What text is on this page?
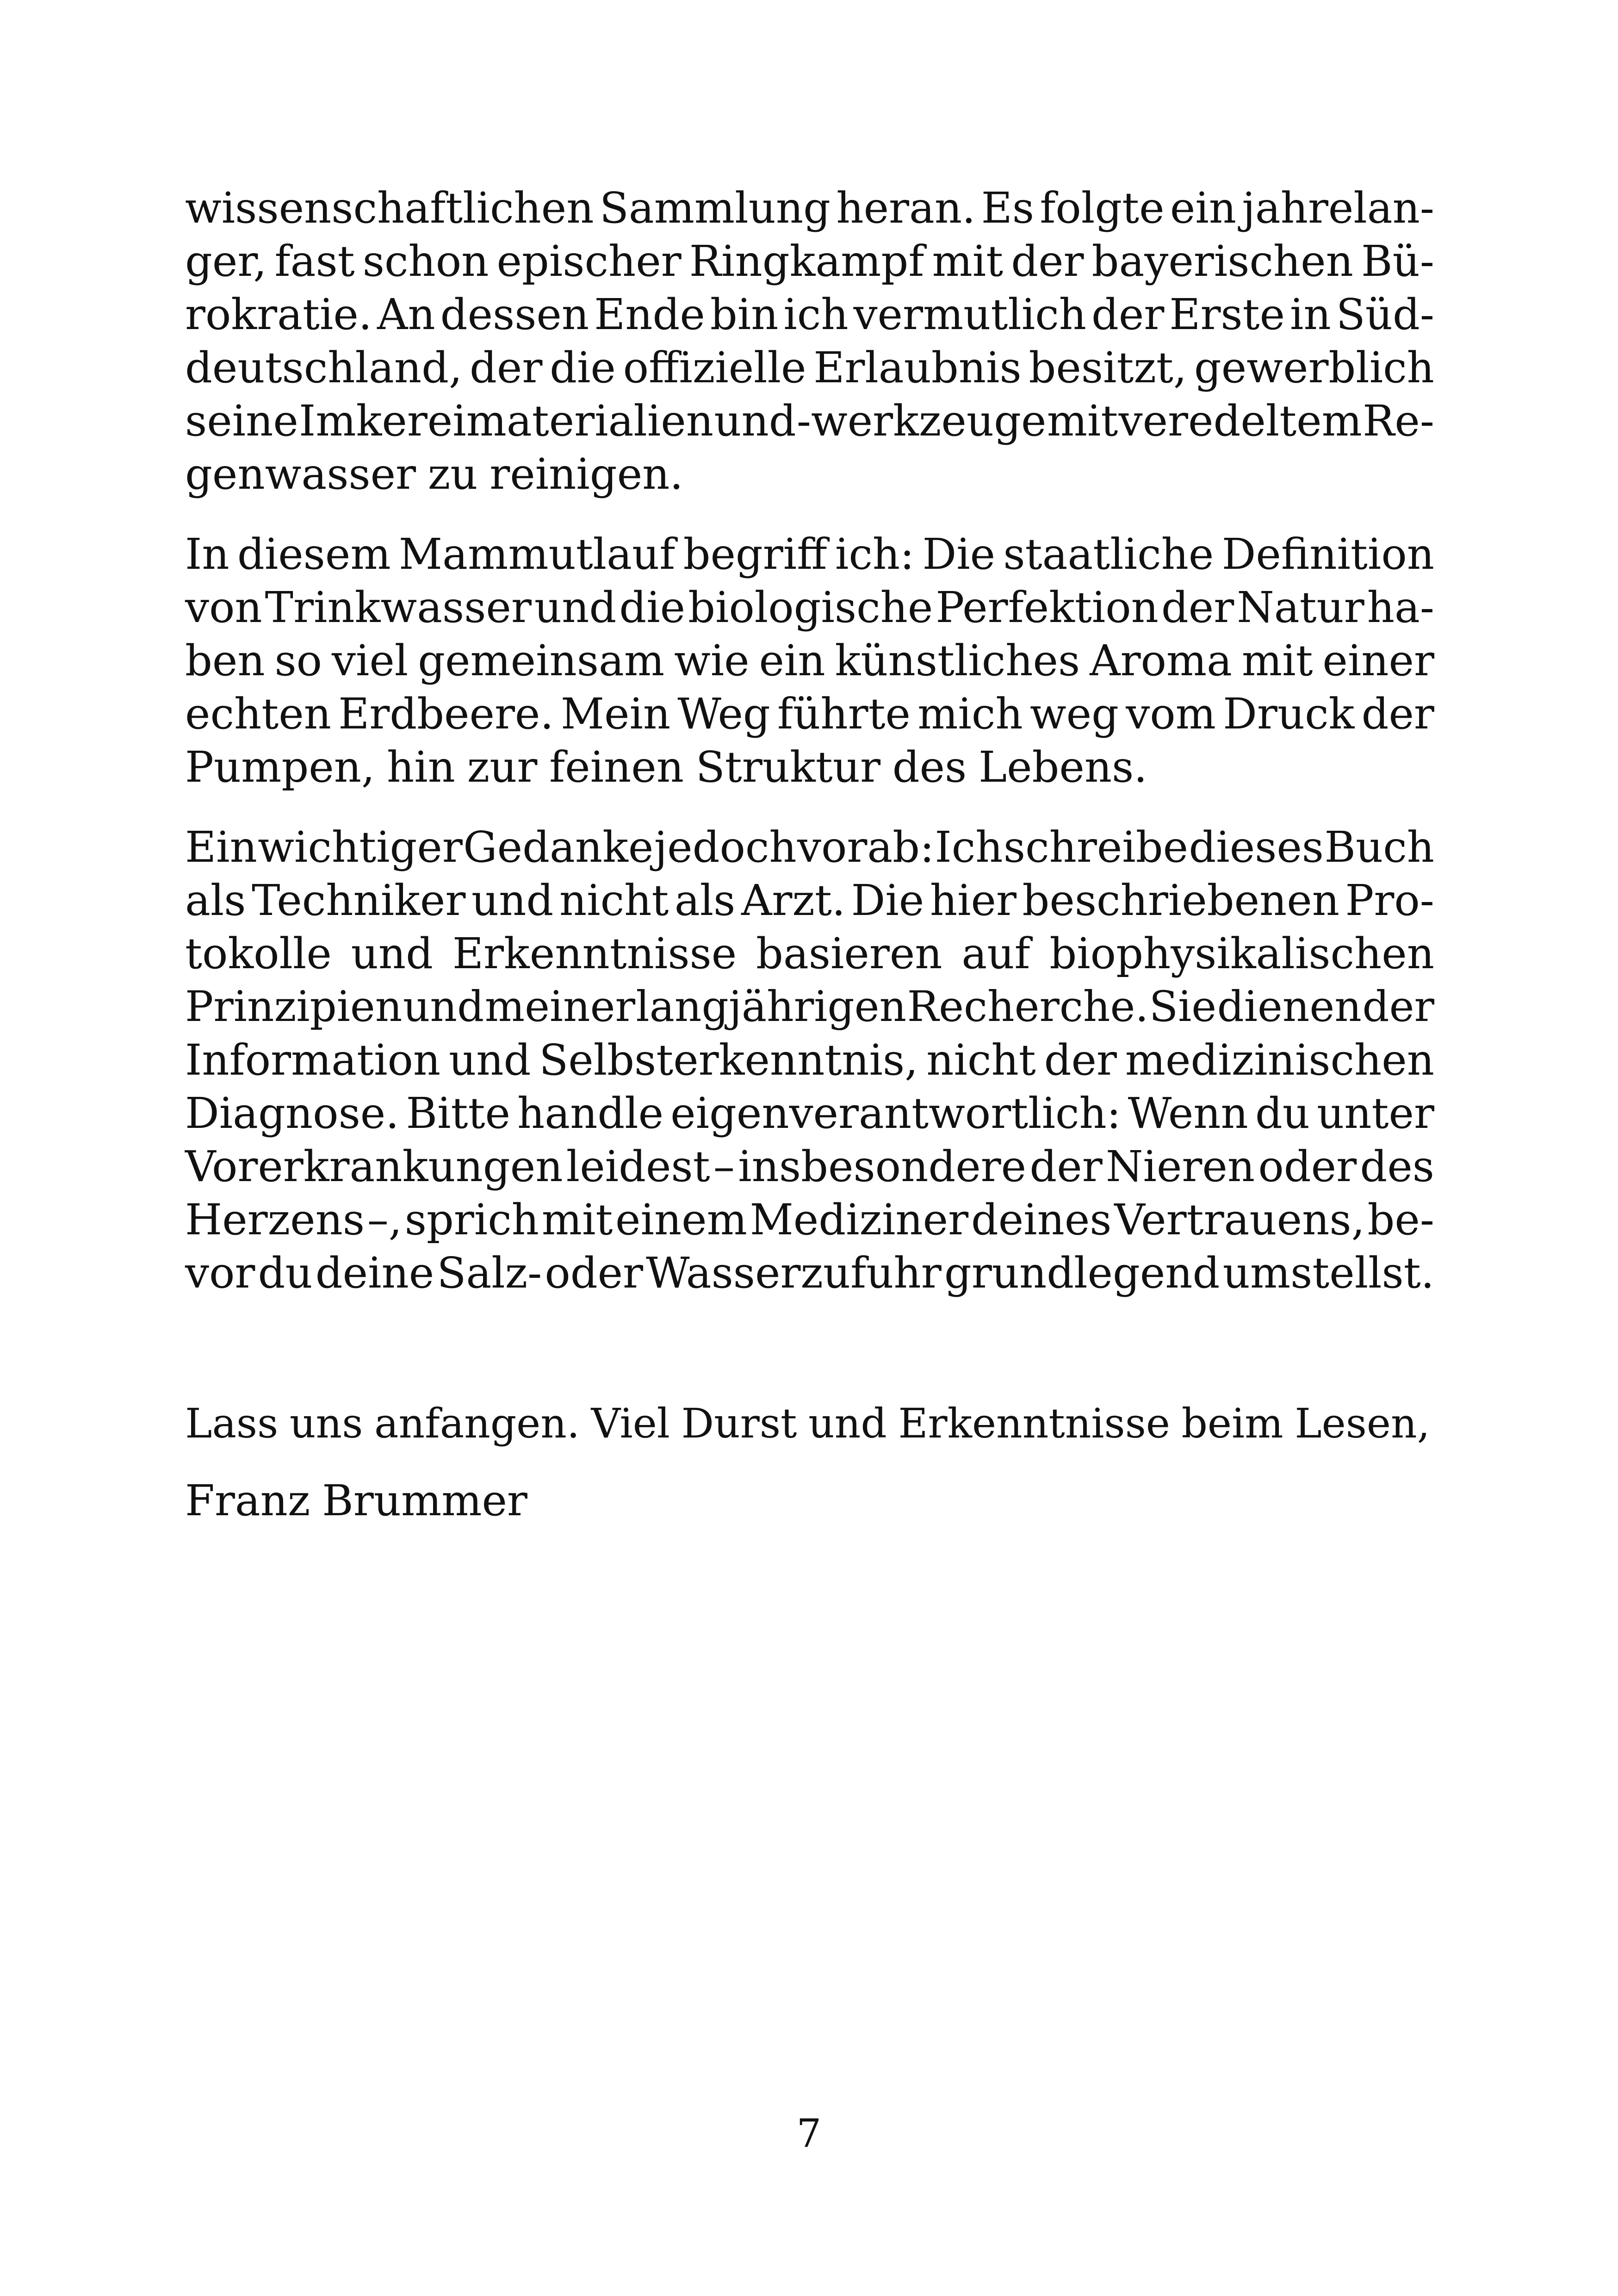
wissenschaftlichen Sammlung heran. Es folgte ein jahrelan-
ger, fast schon epischer Ringkampf mit der bayerischen Bü-
rokratie. An dessen Ende bin ich vermutlich der Erste in Süd-
deutschland, der die offizielle Erlaubnis besitzt, gewerblich
seine Imkereimaterialien und -werkzeuge mit veredeltem Re-
genwasser zu reinigen.
In diesem Mammutlauf begriff ich: Die staatliche Definition
von Trinkwasser und die biologische Perfektion der Natur ha-
ben so viel gemeinsam wie ein künstliches Aroma mit einer
echten Erdbeere. Mein Weg führte mich weg vom Druck der
Pumpen, hin zur feinen Struktur des Lebens.
Ein wichtiger Gedanke jedoch vorab: Ich schreibe dieses Buch
als Techniker und nicht als Arzt. Die hier beschriebenen Pro-
tokolle und Erkenntnisse basieren auf biophysikalischen
Prinzipien und meiner langjährigen Recherche. Sie dienen der
Information und Selbsterkenntnis, nicht der medizinischen
Diagnose. Bitte handle eigenverantwortlich: Wenn du unter
Vorerkrankungen leidest – insbesondere der Nieren oder des
Herzens –, sprich mit einem Mediziner deines Vertrauens, be-
vor du deine Salz- oder Wasserzufuhr grundlegend umstellst.
Lass uns anfangen. Viel Durst und Erkenntnisse beim Lesen,
Franz Brummer
7
